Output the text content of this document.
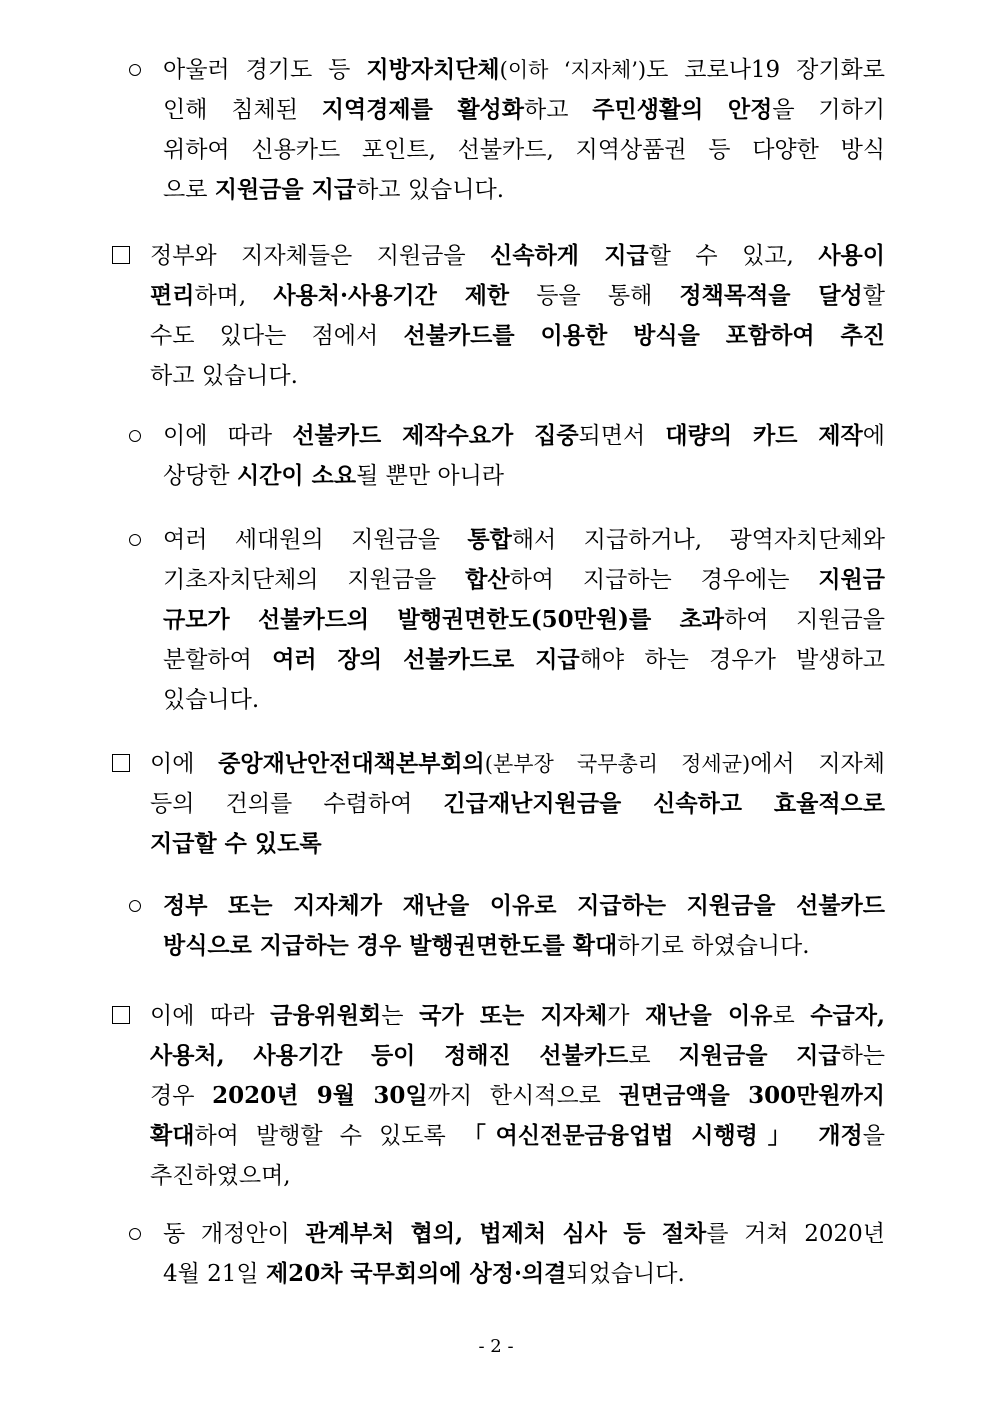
아울러 경기도 등 지방자치단체(이하 ‘지자체’)도 코로나19 장기화로
인해 침체된 지역경제를 활성화하고 주민생활의 안정을 기하기
위하여 신용카드 포인트, 선불카드, 지역상품권 등 다양한 방식
으로 지원금을 지급하고 있습니다.
정부와 지자체들은 지원금을 신속하게 지급할 수 있고, 사용이
편리하며, 사용처·사용기간 제한 등을 통해 정책목적을 달성할
수도 있다는 점에서 선불카드를 이용한 방식을 포함하여 추진
하고 있습니다.
이에 따라 선불카드 제작수요가 집중되면서 대량의 카드 제작에
상당한 시간이 소요될 뿐만 아니라
여러 세대원의 지원금을 통합해서 지급하거나, 광역자치단체와
기초자치단체의 지원금을 합산하여 지급하는 경우에는 지원금
규모가 선불카드의 발행권면한도(50만원)를 초과하여 지원금을
분할하여 여러 장의 선불카드로 지급해야 하는 경우가 발생하고
있습니다.
이에 중앙재난안전대책본부회의(본부장 국무총리 정세균)에서 지자체
등의 건의를 수렴하여 긴급재난지원금을 신속하고 효율적으로
지급할 수 있도록
정부 또는 지자체가 재난을 이유로 지급하는 지원금을 선불카드
방식으로 지급하는 경우 발행권면한도를 확대하기로 하였습니다.
이에 따라 금융위원회는 국가 또는 지자체가 재난을 이유로 수급자,
사용처, 사용기간 등이 정해진 선불카드로 지원금을 지급하는
경우 2020년 9월 30일까지 한시적으로 권면금액을 300만원까지
확대하여 발행할 수 있도록 「여신전문금융업법 시행령」 개정을
추진하였으며,
동 개정안이 관계부처 협의, 법제처 심사 등 절차를 거쳐 2020년
4월 21일 제20차 국무회의에 상정·의결되었습니다.
- 2 -
